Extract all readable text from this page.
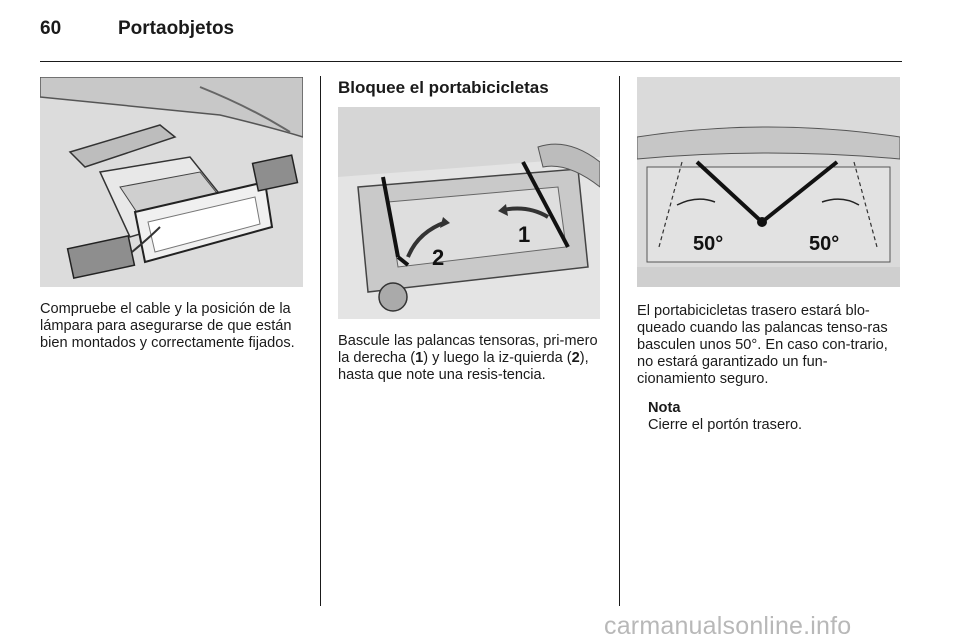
60	Portaobjetos
Compruebe el cable y la posición de la lámpara para asegurarse de que están bien montados y correctamente fijados.
Bloquee el portabicicletas
1
2
Bascule las palancas tensoras, pri-mero la derecha (1) y luego la iz-quierda (2), hasta que note una resis-tencia.
50°	50°
El portabicicletas trasero estará blo-queado cuando las palancas tenso-ras basculen unos 50°. En caso con-trario, no estará garantizado un fun-cionamiento seguro.
Nota
Cierre el portón trasero.
carmanualsonline.info
